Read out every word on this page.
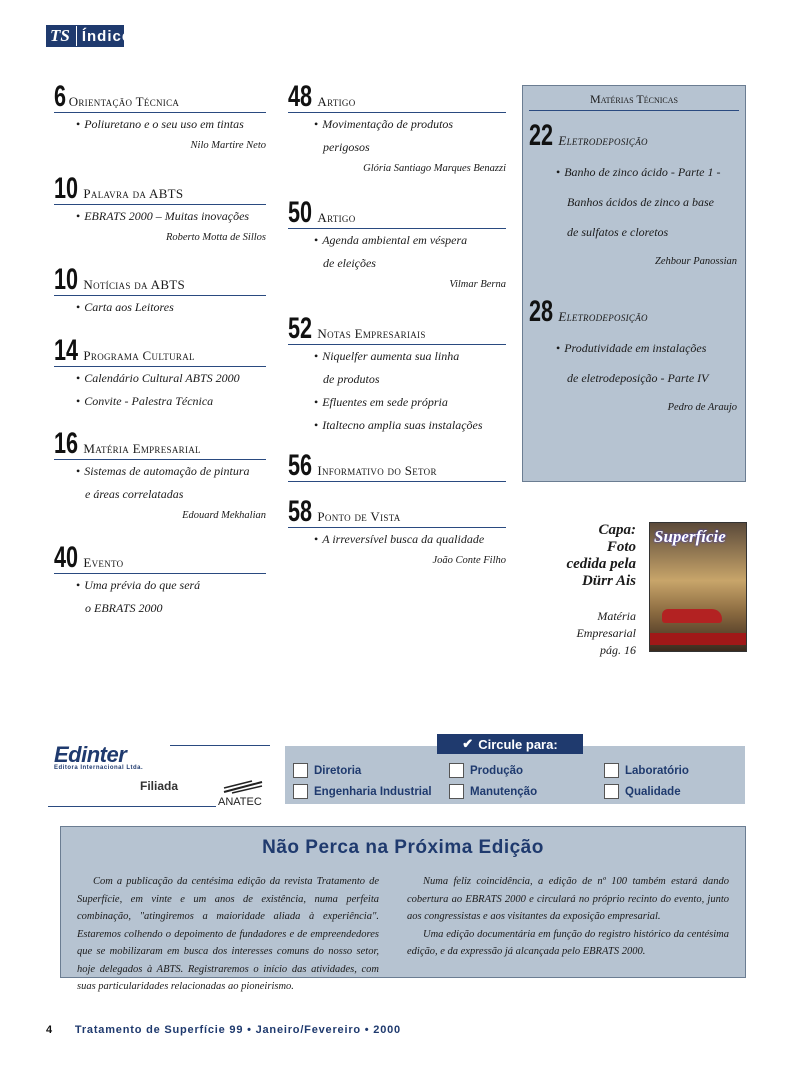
TS Índice
6 Orientação Técnica
• Poliuretano e o seu uso em tintas
Nilo Martire Neto
10 Palavra da ABTS
• EBRATS 2000 – Muitas inovações
Roberto Motta de Sillos
10 Notícias da ABTS
• Carta aos Leitores
14 Programa Cultural
• Calendário Cultural ABTS 2000
• Convite - Palestra Técnica
16 Matéria Empresarial
• Sistemas de automação de pintura
e áreas correlatadas
Edouard Mekhalian
40 Evento
• Uma prévia do que será
o EBRATS 2000
48 Artigo
• Movimentação de produtos
perigosos
Glória Santiago Marques Benazzi
50 Artigo
• Agenda ambiental em véspera
de eleições
Vilmar Berna
52 Notas Empresariais
• Niquelfer aumenta sua linha
de produtos
• Efluentes em sede própria
• Italtecno amplia suas instalações
56 Informativo do Setor
58 Ponto de Vista
• A irreversível busca da qualidade
João Conte Filho
Matérias Técnicas
22 Eletrodeposição
• Banho de zinco ácido - Parte 1 -
Banhos ácidos de zinco a base
de sulfatos e cloretos
Zehbour Panossian
28 Eletrodeposição
• Produtividade em instalações
de eletrodeposição - Parte IV
Pedro de Araujo
Capa:
Foto
cedida pela
Dürr Ais
Matéria
Empresarial
pág. 16
Superfície
Edinter
Editora Internacional Ltda.
Filiada
ANATEC
✔ Circule para:
Diretoria
Engenharia Industrial
Produção
Manutenção
Laboratório
Qualidade
Não Perca na Próxima Edição

Com a publicação da centésima edição da revista Tratamento de Superfície, em vinte e um anos de existência, numa perfeita combinação, "atingiremos a maioridade aliada à experiência". Estaremos colhendo o depoimento de fundadores e de empreendedores que se mobilizaram em busca dos interesses comuns do nosso setor, hoje delegados à ABTS. Registraremos o início das atividades, com suas particularidades relacionadas ao pioneirismo.

Numa feliz coincidência, a edição de nº 100 também estará dando cobertura ao EBRATS 2000 e circulará no próprio recinto do evento, junto aos congressistas e aos visitantes da exposição empresarial.

Uma edição documentária em função do registro histórico da centésima edição, e da expressão já alcançada pelo EBRATS 2000.

4 Tratamento de Superfície 99 • Janeiro/Fevereiro • 2000
